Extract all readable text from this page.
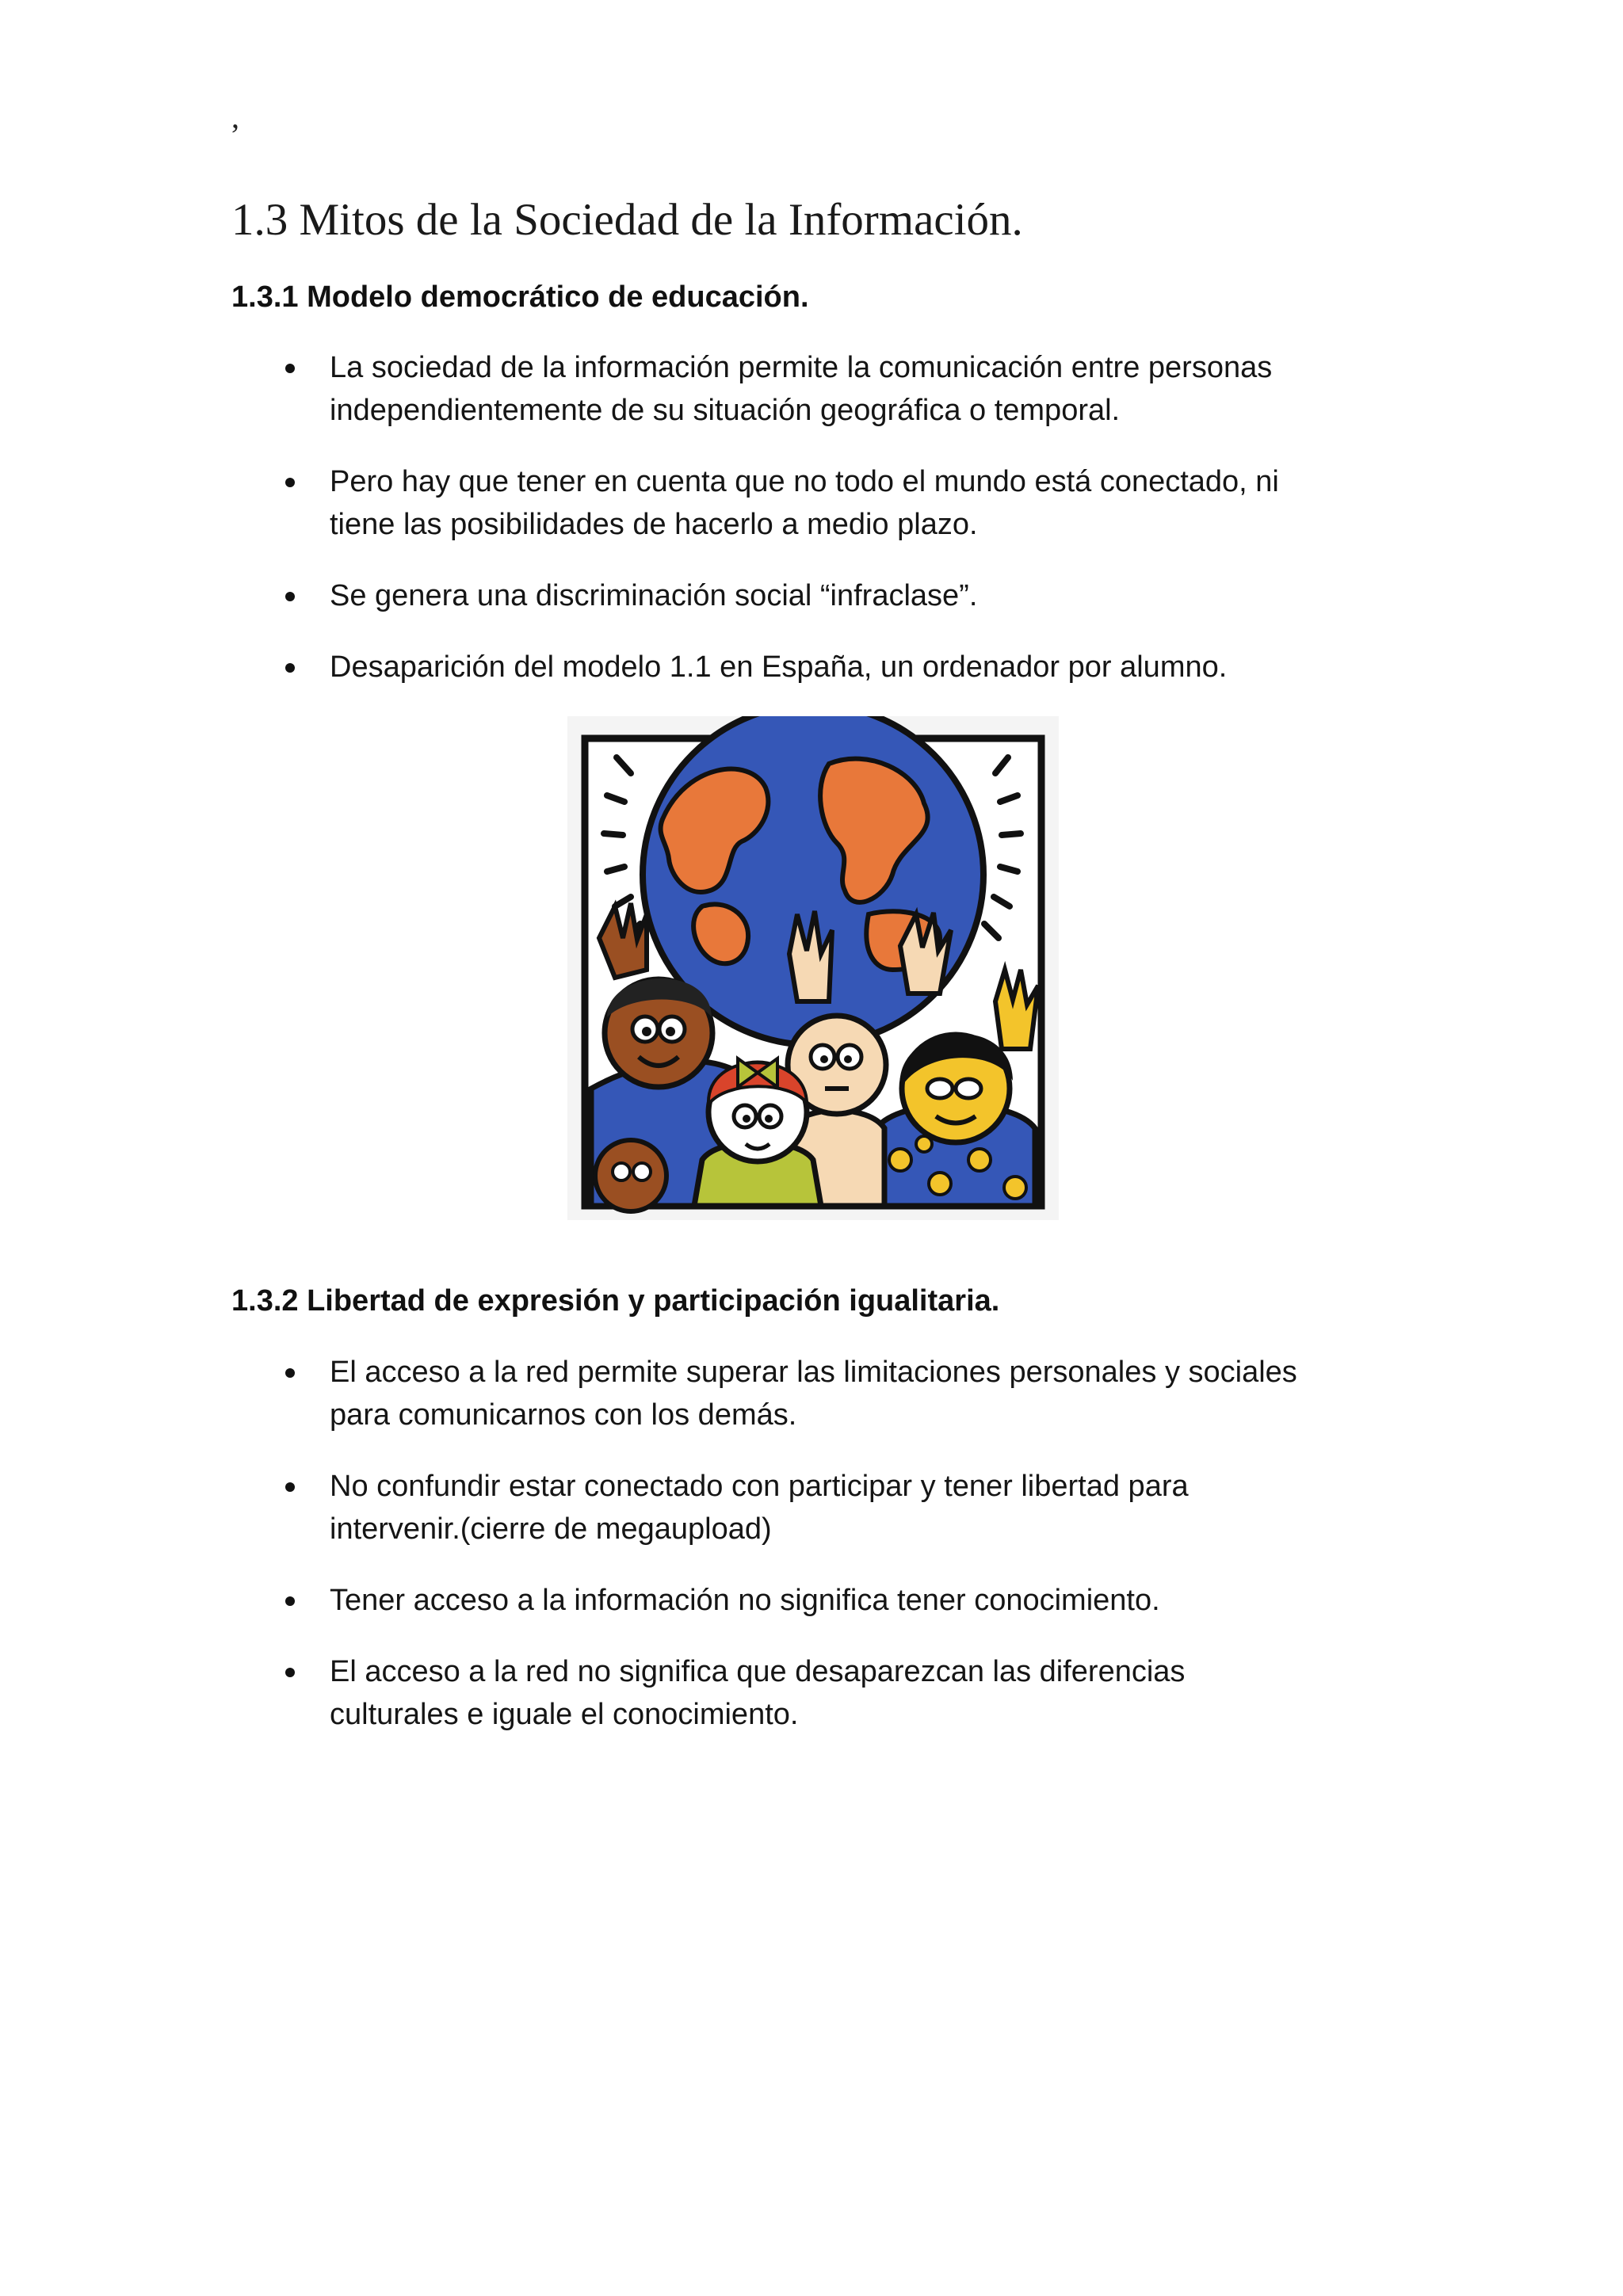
,
1.3 Mitos de la Sociedad de la Información.
1.3.1 Modelo democrático de educación.
La sociedad de la información permite la comunicación entre personas
independientemente de su situación geográfica o temporal.
Pero hay que tener en cuenta que no todo el mundo está conectado, ni
tiene las posibilidades de hacerlo a medio plazo.
Se genera una discriminación social “infraclase”.
Desaparición del modelo 1.1 en España, un ordenador por alumno.
1.3.2 Libertad de expresión y participación igualitaria.
El acceso a la red permite superar las limitaciones personales y sociales
para comunicarnos con los demás.
No confundir estar conectado con participar y tener libertad para
intervenir.(cierre de megaupload)
Tener acceso a la información no significa tener conocimiento.
El acceso a la red no significa que desaparezcan las diferencias
culturales e iguale el conocimiento.
